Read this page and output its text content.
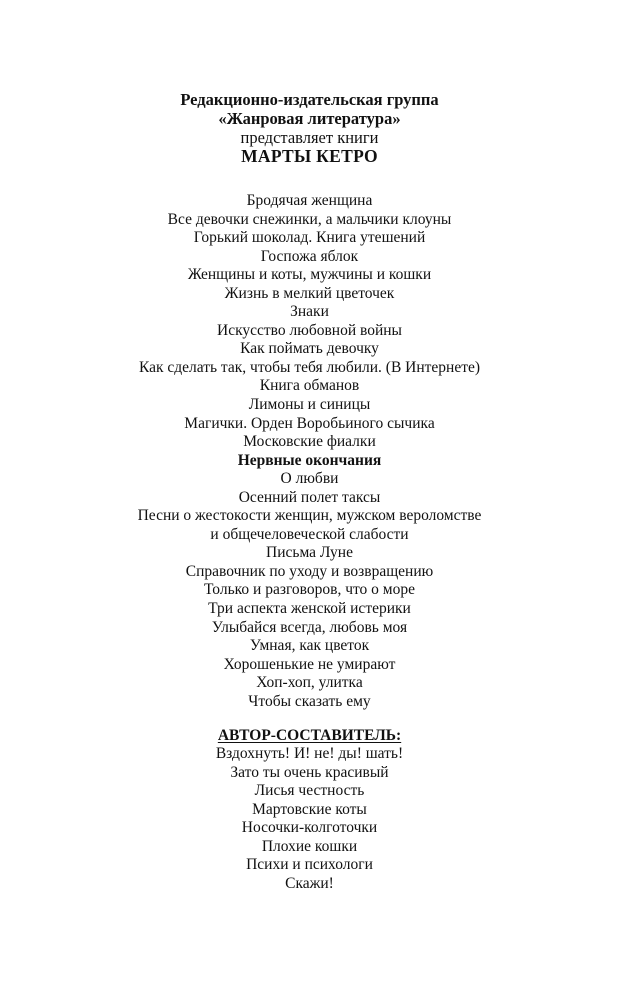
Редакционно-издательская группа
«Жанровая литература»
представляет книги
МАРТЫ КЕТРО
Бродячая женщина
Все девочки снежинки, а мальчики клоуны
Горький шоколад. Книга утешений
Госпожа яблок
Женщины и коты, мужчины и кошки
Жизнь в мелкий цветочек
Знаки
Искусство любовной войны
Как поймать девочку
Как сделать так, чтобы тебя любили. (В Интернете)
Книга обманов
Лимоны и синицы
Магички. Орден Воробьиного сычика
Московские фиалки
Нервные окончания
О любви
Осенний полет таксы
Песни о жестокости женщин, мужском вероломстве
и общечеловеческой слабости
Письма Луне
Справочник по уходу и возвращению
Только и разговоров, что о море
Три аспекта женской истерики
Улыбайся всегда, любовь моя
Умная, как цветок
Хорошенькие не умирают
Хоп-хоп, улитка
Чтобы сказать ему
АВТОР-СОСТАВИТЕЛЬ:
Вздохнуть! И! не! ды! шать!
Зато ты очень красивый
Лисья честность
Мартовские коты
Носочки-колготочки
Плохие кошки
Психи и психологи
Скажи!
